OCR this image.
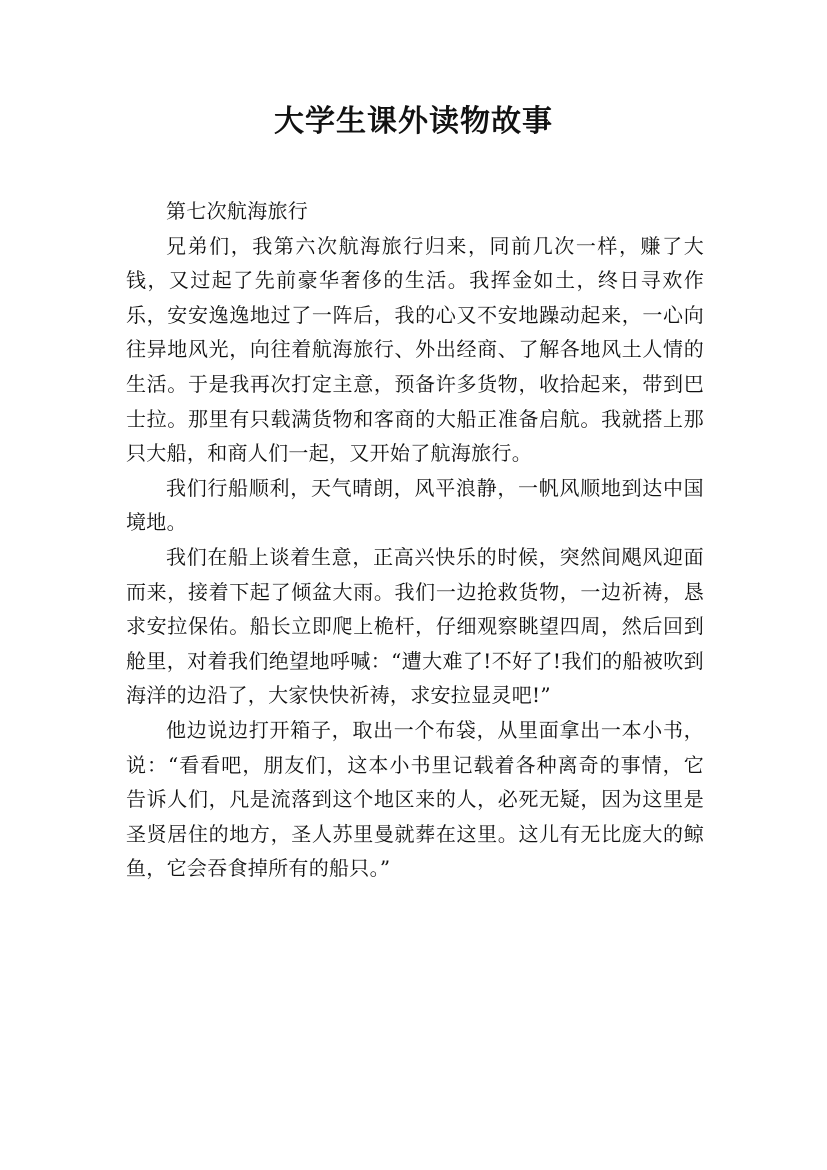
大学生课外读物故事

第七次航海旅行

兄弟们，我第六次航海旅行归来，同前几次一样，赚了大钱，又过起了先前豪华奢侈的生活。我挥金如土，终日寻欢作乐，安安逸逸地过了一阵后，我的心又不安地躁动起来，一心向往异地风光，向往着航海旅行、外出经商、了解各地风土人情的生活。于是我再次打定主意，预备许多货物，收拾起来，带到巴士拉。那里有只载满货物和客商的大船正准备启航。我就搭上那只大船，和商人们一起，又开始了航海旅行。

我们行船顺利，天气晴朗，风平浪静，一帆风顺地到达中国境地。

我们在船上谈着生意，正高兴快乐的时候，突然间飓风迎面而来，接着下起了倾盆大雨。我们一边抢救货物，一边祈祷，恳求安拉保佑。船长立即爬上桅杆，仔细观察眺望四周，然后回到舱里，对着我们绝望地呼喊：“遭大难了!不好了!我们的船被吹到海洋的边沿了，大家快快祈祷，求安拉显灵吧!”

他边说边打开箱子，取出一个布袋，从里面拿出一本小书，说：“看看吧，朋友们，这本小书里记载着各种离奇的事情，它告诉人们，凡是流落到这个地区来的人，必死无疑，因为这里是圣贤居住的地方，圣人苏里曼就葬在这里。这儿有无比庞大的鲸鱼，它会吞食掉所有的船只。”
